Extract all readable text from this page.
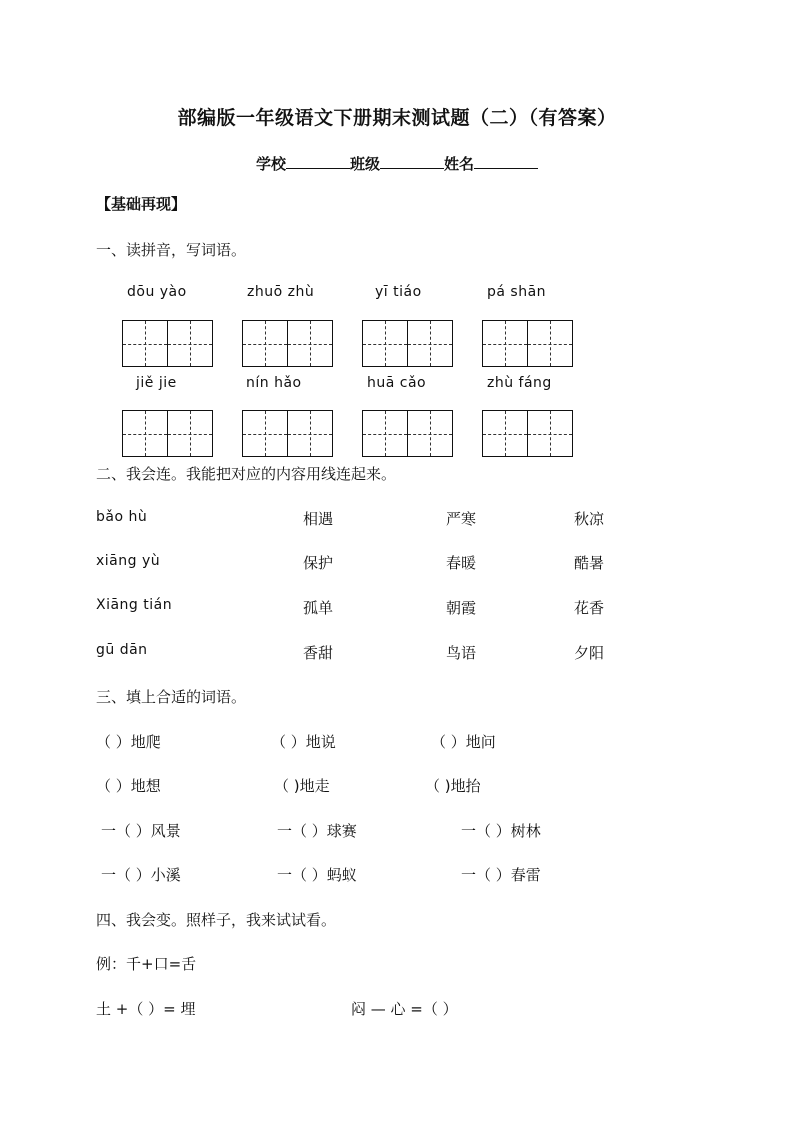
部编版一年级语文下册期末测试题（二）（有答案）
学校	班级	姓名
【基础再现】
一、读拼音，写词语。
dōu yào	zhuō zhù	yī tiáo	pá shān
jiě jie	nín hǎo	huā cǎo	zhù fáng
二、我会连。我能把对应的内容用线连起来。
bǎo hù	相遇	严寒	秋凉
xiāng yù	保护	春暖	酷暑
Xiāng tián	孤单	朝霞	花香
gū dān	香甜	鸟语	夕阳
三、填上合适的词语。
（ ）地爬	（ ）地说	（ ）地问
（ ）地想	（ )地走	（ )地抬
一（ ）风景	一（ ）球赛	一（ ）树林
一（ ）小溪	一（ ）蚂蚁	一（ ）春雷
四、我会变。照样子，我来试试看。
例：千+口=舌
土 +（ ）= 埋	闷 — 心 =（ ）
